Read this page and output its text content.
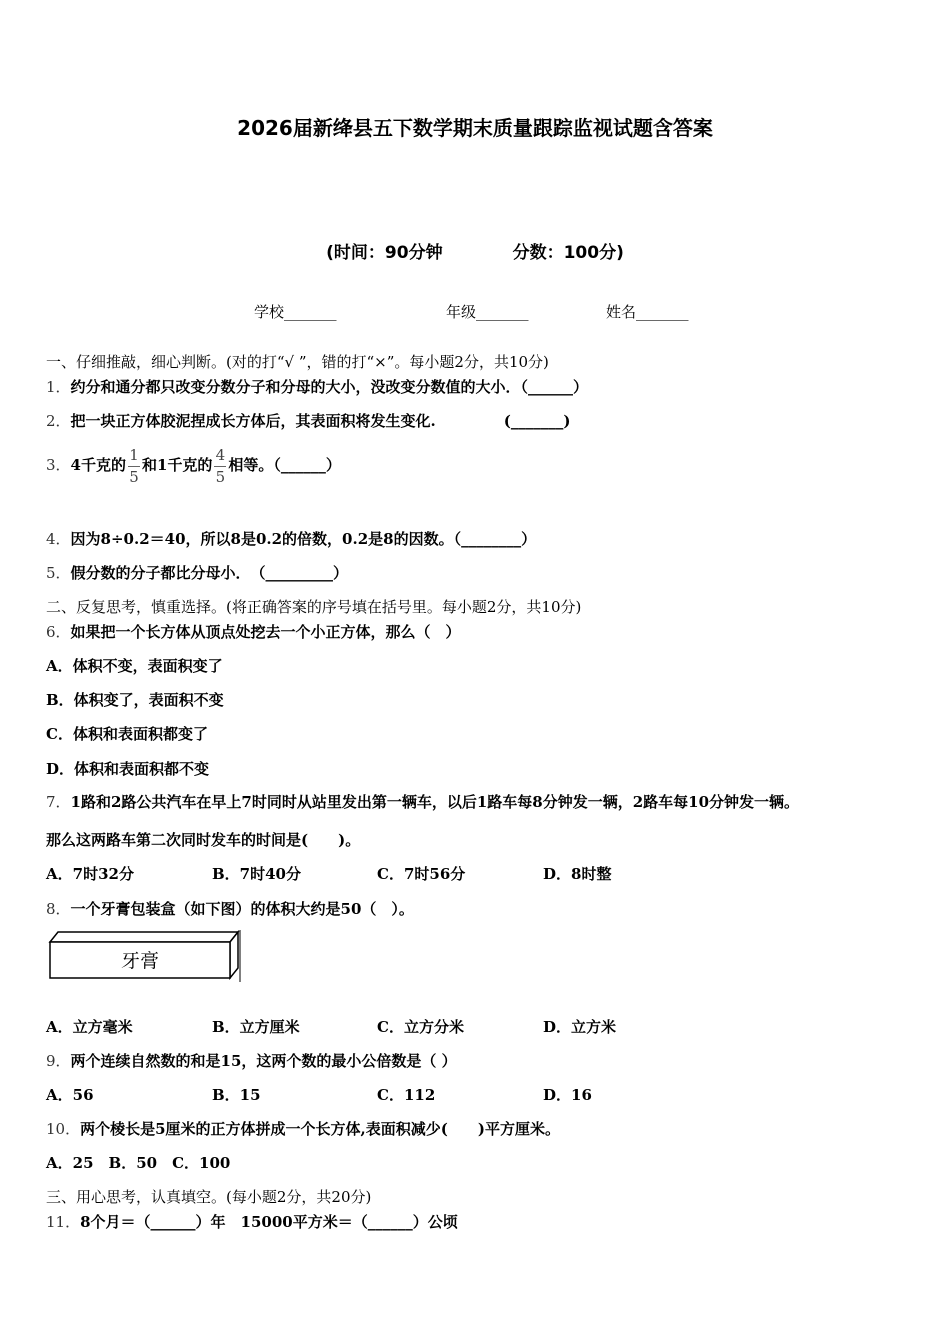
2026届新绛县五下数学期末质量跟踪监视试题含答案
(时间：90分钟	分数：100分)
学校_______	年级_______	姓名_______
一、仔细推敲，细心判断。(对的打“√ ”，错的打“×”。每小题2分，共10分)
1．约分和通分都只改变分数分子和分母的大小，没改变分数值的大小．（______）
2．把一块正方体胶泥捏成长方体后，其表面积将发生变化.	(_______)
3．4千克的 $\frac{1}{5}$ 和1千克的 $\frac{4}{5}$ 相等。（______）
4．因为8÷0.2＝40，所以8是0.2的倍数，0.2是8的因数。（________）
5．假分数的分子都比分母小．　（_________）
二、反复思考，慎重选择。(将正确答案的序号填在括号里。每小题2分，共10分)
6．如果把一个长方体从顶点处挖去一个小正方体，那么（　）
A．体积不变，表面积变了
B．体积变了，表面积不变
C．体积和表面积都变了
D．体积和表面积都不变
7．1路和2路公共汽车在早上7时同时从站里发出第一辆车，以后1路车每8分钟发一辆，2路车每10分钟发一辆。
那么这两路车第二次同时发车的时间是(　　)。
A．7时32分	B．7时40分	C．7时56分	D．8时整
8．一个牙膏包装盒（如下图）的体积大约是50（　）。
牙膏
A．立方毫米	B．立方厘米	C．立方分米	D．立方米
9．两个连续自然数的和是15，这两个数的最小公倍数是（ ）
A．56	B．15	C．112	D．16
10．两个棱长是5厘米的正方体拼成一个长方体,表面积减少(　　)平方厘米。
A．25　B．50　C．100
三、用心思考，认真填空。(每小题2分，共20分)
11．8个月＝（______）年　15000平方米＝（______）公顷
